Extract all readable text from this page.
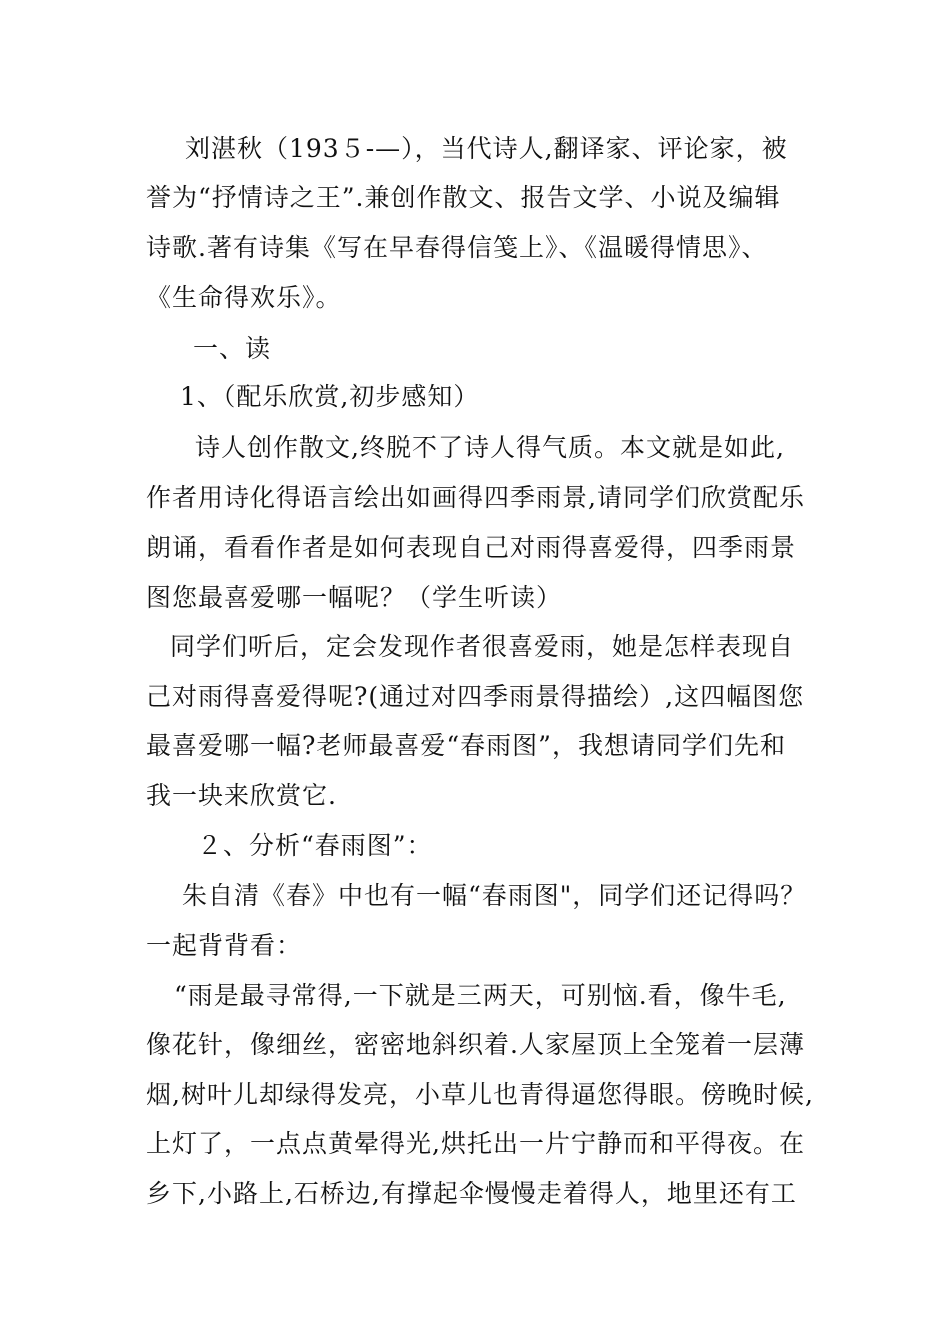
刘湛秋（193５-—），当代诗人,翻译家、评论家，被
誉为“抒情诗之王”.兼创作散文、报告文学、小说及编辑
诗歌.著有诗集《写在早春得信笺上》、《温暖得情思》、
《生命得欢乐》。
一、读
1、（配乐欣赏,初步感知）
诗人创作散文,终脱不了诗人得气质。本文就是如此,
作者用诗化得语言绘出如画得四季雨景,请同学们欣赏配乐
朗诵，看看作者是如何表现自己对雨得喜爱得，四季雨景
图您最喜爱哪一幅呢？（学生听读）
同学们听后，定会发现作者很喜爱雨，她是怎样表现自
己对雨得喜爱得呢?(通过对四季雨景得描绘）,这四幅图您
最喜爱哪一幅?老师最喜爱“春雨图”，我想请同学们先和
我一块来欣赏它.
２、分析“春雨图”：
朱自清《春》中也有一幅“春雨图"，同学们还记得吗？
一起背背看：
“雨是最寻常得,一下就是三两天，可别恼.看，像牛毛,
像花针，像细丝，密密地斜织着.人家屋顶上全笼着一层薄
烟,树叶儿却绿得发亮，小草儿也青得逼您得眼。傍晚时候,
上灯了，一点点黄晕得光,烘托出一片宁静而和平得夜。在
乡下,小路上,石桥边,有撑起伞慢慢走着得人，地里还有工
